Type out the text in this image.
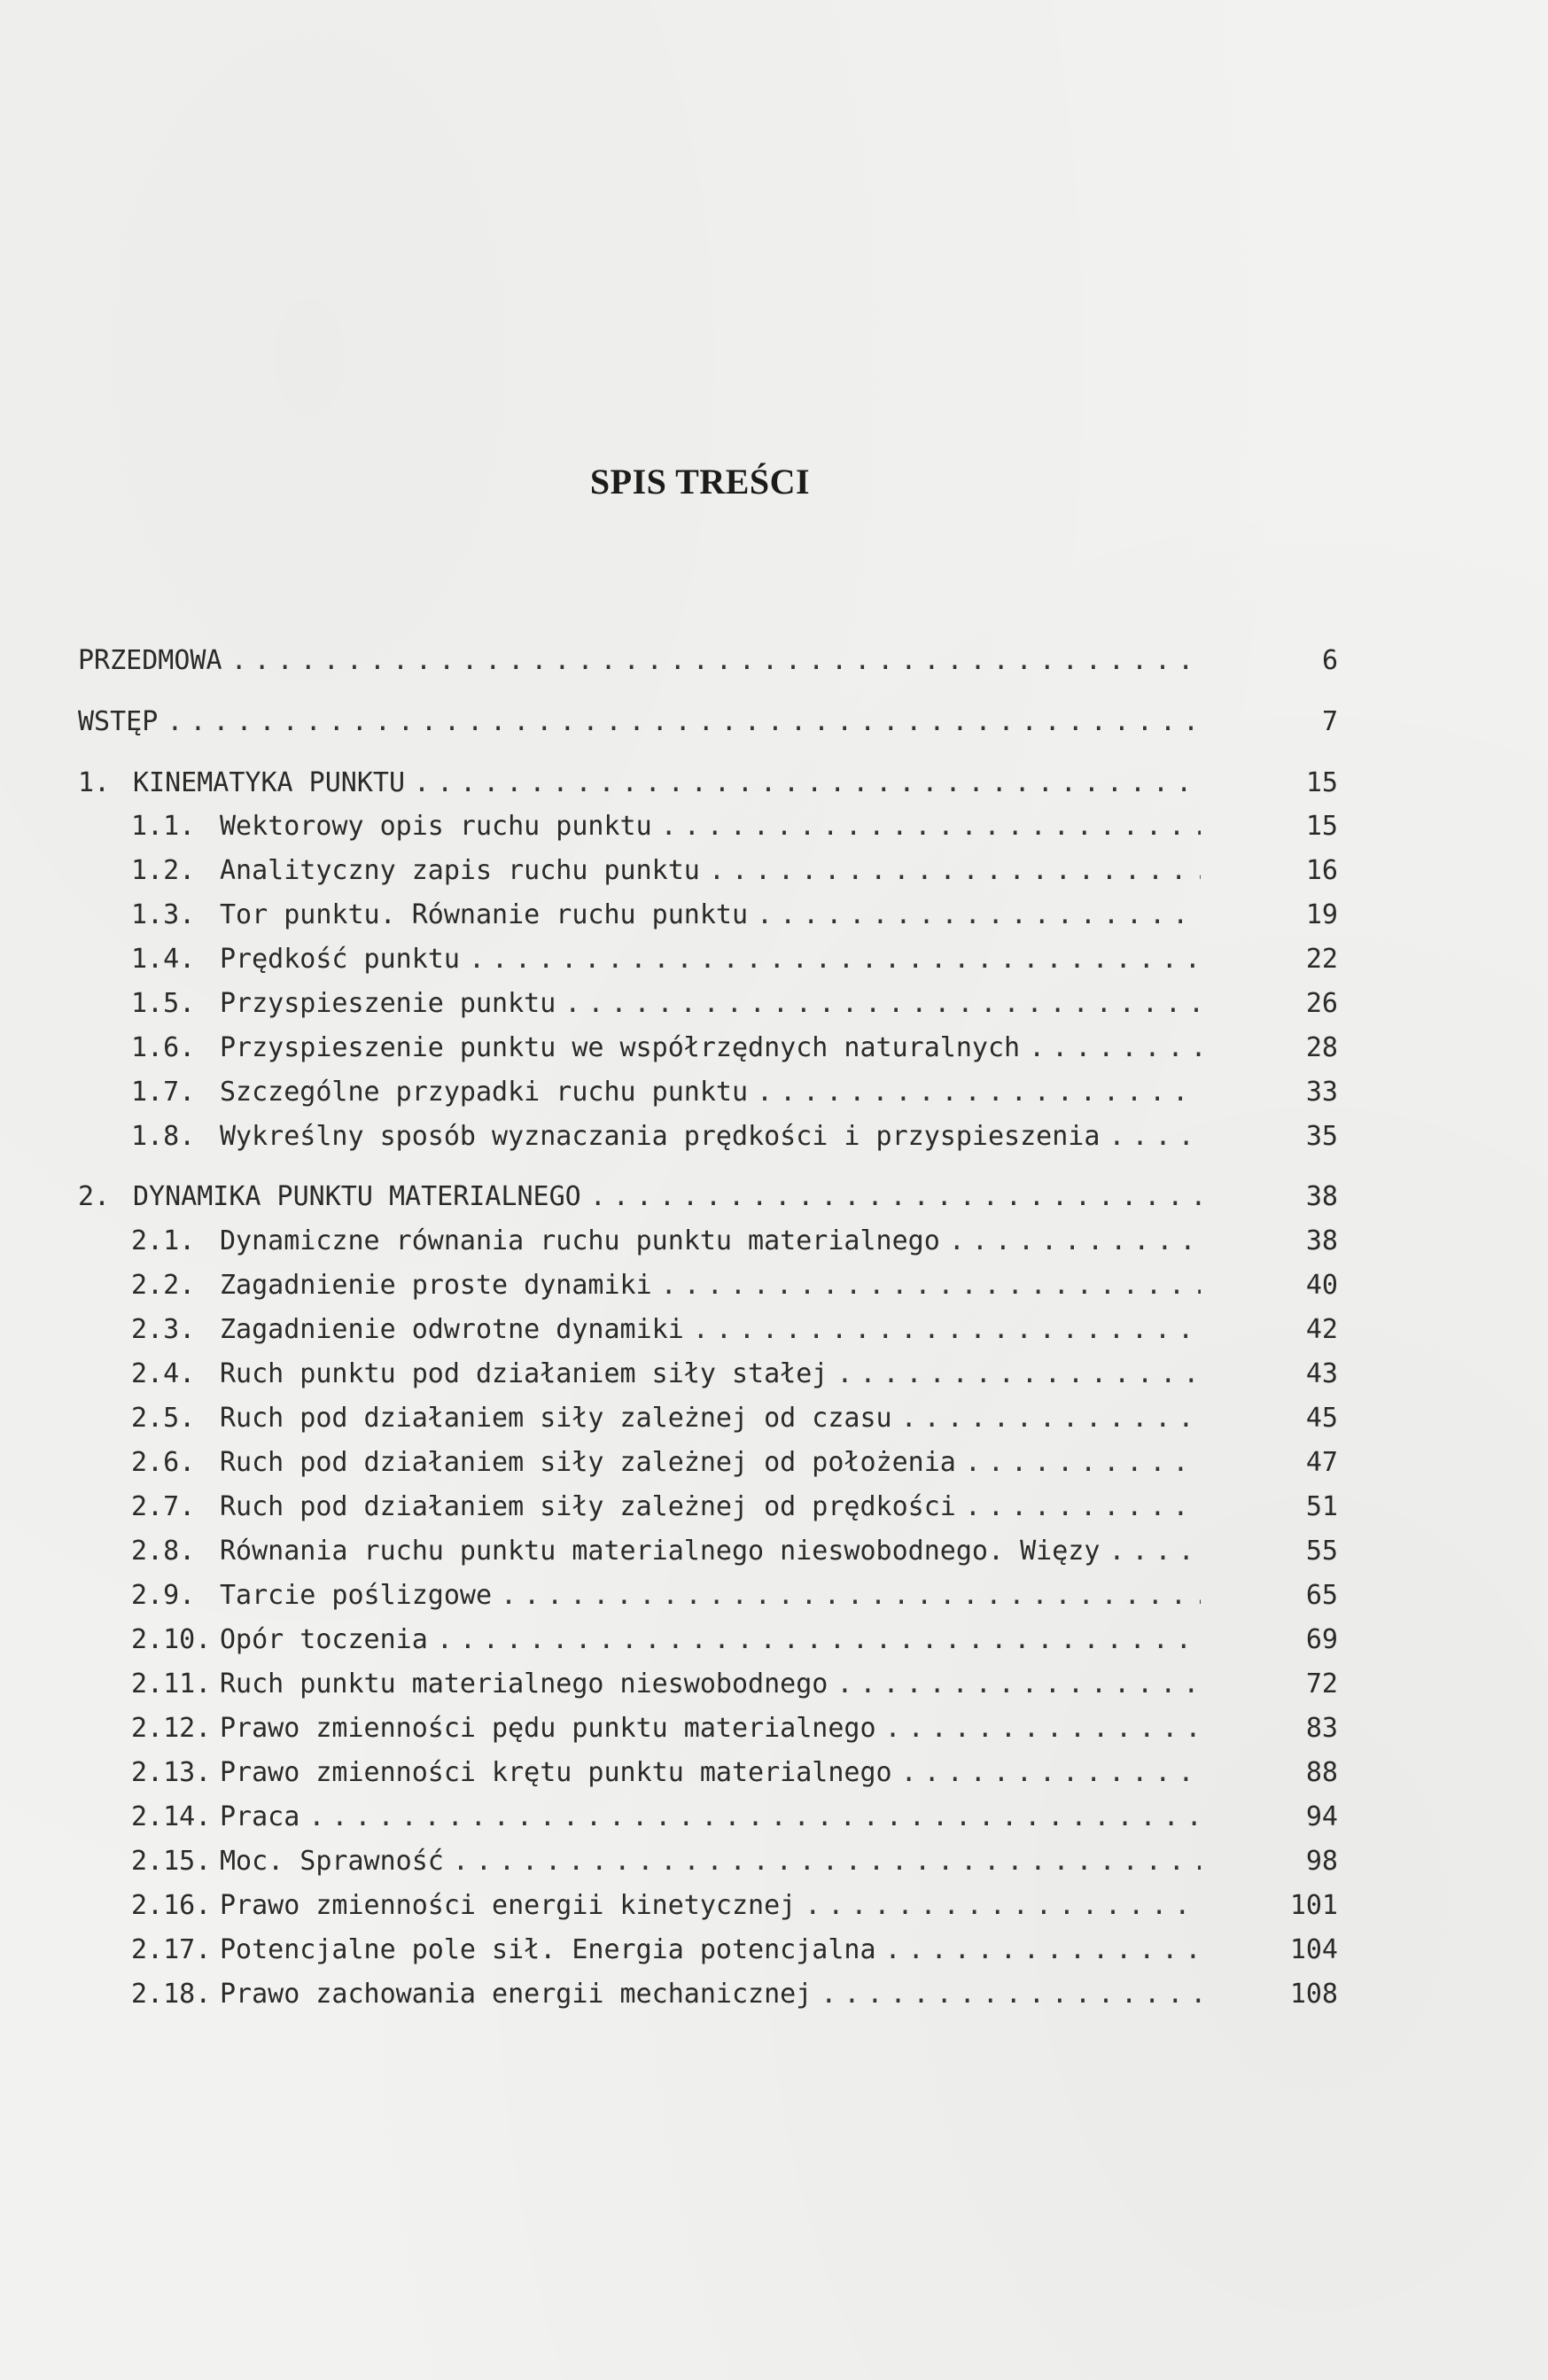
SPIS TREŚCI
PRZEDMOWA .....	6
WSTĘP .....	7
1. KINEMATYKA PUNKTU .....	15
1.1. Wektorowy opis ruchu punktu .....	15
1.2. Analityczny zapis ruchu punktu .....	16
1.3. Tor punktu. Równanie ruchu punktu .....	19
1.4. Prędkość punktu .....	22
1.5. Przyspieszenie punktu .....	26
1.6. Przyspieszenie punktu we współrzędnych naturalnych .....	28
1.7. Szczególne przypadki ruchu punktu .....	33
1.8. Wykreślny sposób wyznaczania prędkości i przyspieszenia .....	35
2. DYNAMIKA PUNKTU MATERIALNEGO .....	38
2.1. Dynamiczne równania ruchu punktu materialnego .....	38
2.2. Zagadnienie proste dynamiki .....	40
2.3. Zagadnienie odwrotne dynamiki .....	42
2.4. Ruch punktu pod działaniem siły stałej .....	43
2.5. Ruch pod działaniem siły zależnej od czasu .....	45
2.6. Ruch pod działaniem siły zależnej od położenia .....	47
2.7. Ruch pod działaniem siły zależnej od prędkości .....	51
2.8. Równania ruchu punktu materialnego nieswobodnego. Więzy .....	55
2.9. Tarcie poślizgowe .....	65
2.10. Opór toczenia .....	69
2.11. Ruch punktu materialnego nieswobodnego .....	72
2.12. Prawo zmienności pędu punktu materialnego .....	83
2.13. Prawo zmienności krętu punktu materialnego .....	88
2.14. Praca .....	94
2.15. Moc. Sprawność .....	98
2.16. Prawo zmienności energii kinetycznej .....	101
2.17. Potencjalne pole sił. Energia potencjalna .....	104
2.18. Prawo zachowania energii mechanicznej .....	108
